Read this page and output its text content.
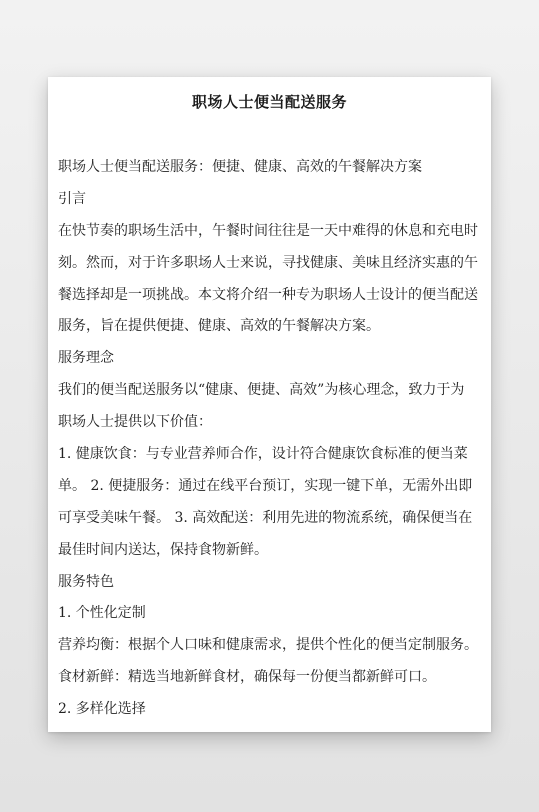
职场人士便当配送服务
职场人士便当配送服务：便捷、健康、高效的午餐解决方案
引言
在快节奏的职场生活中，午餐时间往往是一天中难得的休息和充电时
刻。然而，对于许多职场人士来说，寻找健康、美味且经济实惠的午
餐选择却是一项挑战。本文将介绍一种专为职场人士设计的便当配送
服务，旨在提供便捷、健康、高效的午餐解决方案。
服务理念
我们的便当配送服务以“健康、便捷、高效”为核心理念，致力于为
职场人士提供以下价值：
1. 健康饮食：与专业营养师合作，设计符合健康饮食标准的便当菜
单。 2. 便捷服务：通过在线平台预订，实现一键下单，无需外出即
可享受美味午餐。 3. 高效配送：利用先进的物流系统，确保便当在
最佳时间内送达，保持食物新鲜。
服务特色
1. 个性化定制
营养均衡：根据个人口味和健康需求，提供个性化的便当定制服务。
食材新鲜：精选当地新鲜食材，确保每一份便当都新鲜可口。
2. 多样化选择
